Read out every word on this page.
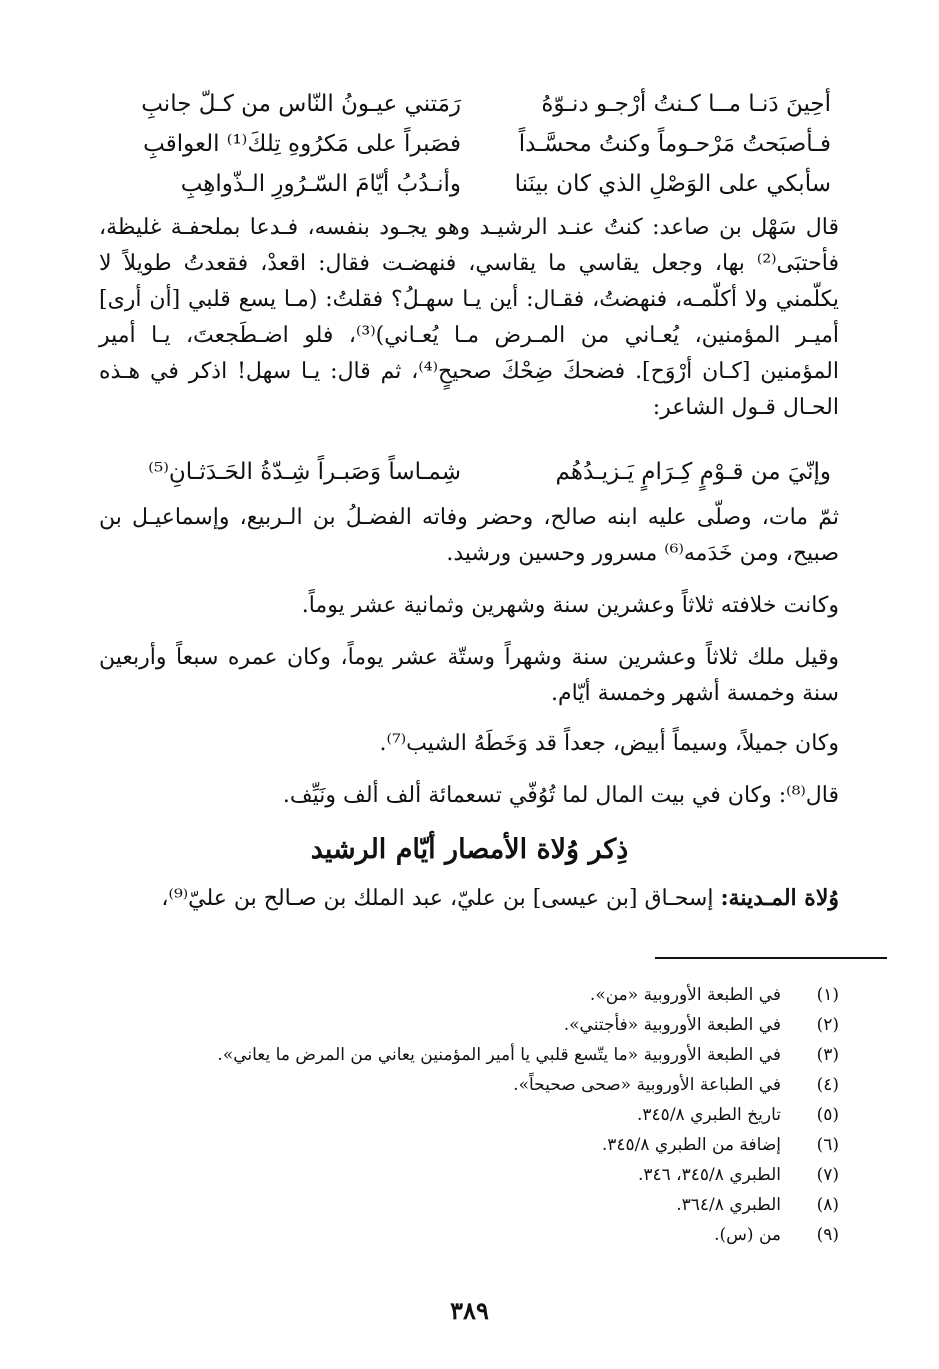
أحِينَ دَنـا مــا كـنتُ أرْجـو دنـوّهُ
رَمَتني عيـونُ النّاس من كـلّ جانبِ
فـأصبَحتُ مَرْحـوماً وكنتُ محسَّـداً
فصَبراً على مَكرُوهِ تِلكَ⁽¹⁾ العواقبِ
سأبكي على الوَصْلِ الذي كان بينَنا
وأنـدُبُ أيّامَ السّـرُورِ الـذّواهِبِ
قال سَهْل بن صاعد: كنتُ عنـد الرشيـد وهو يجـود بنفسه، فـدعا بملحفـة غليظة، فأحتبَى⁽²⁾ بها، وجعل يقاسي ما يقاسي، فنهضـت فقال: اقعدْ، فقعدتُ طويلاً لا يكلّمني ولا أكلّمـه، فنهضتُ، فقـال: أين يـا سهـلُ؟ فقلتُ: (مـا يسع قلبي [أن أرى] أميـر المؤمنين، يُعـاني من المـرض مـا يُعـاني)⁽³⁾، فلو اضـطَجعتَ، يـا أمير المؤمنين [كـان أرْوَح]. فضحكَ ضِحْكَ صحيحٍ⁽⁴⁾، ثم قال: يـا سهل! اذكر في هـذه الحـال قـول الشاعر:
وإنّيَ من قـوْمٍ كِـرَامٍ يَـزيـدُهُم
شِمـاساً وَصَبـراً شِـدّةُ الحَـدَثـانِ⁽⁵⁾
ثمّ مات، وصلّى عليه ابنه صالح، وحضر وفاته الفضـلُ بن الـربيع، وإسماعيـل بن صبيح، ومن خَدَمه⁽⁶⁾ مسرور وحسين ورشيد.
وكانت خلافته ثلاثاً وعشرين سنة وشهرين وثمانية عشر يوماً.
وقيل ملك ثلاثاً وعشرين سنة وشهراً وستّة عشر يوماً، وكان عمره سبعاً وأربعين سنة وخمسة أشهر وخمسة أيّام.
وكان جميلاً، وسيماً أبيض، جعداً قد وَخَطَهُ الشيب⁽⁷⁾.
قال⁽⁸⁾: وكان في بيت المال لما تُوُفّي تسعمائة ألف ألف ونَيِّف.
ذِكر وُلاة الأمصار أيّام الرشيد
وُلاة المـدينة: إسحـاق [بن عيسى] بن عليّ، عبد الملك بن صـالح بن عليّ⁽⁹⁾،
(١)في الطبعة الأوروبية «من».
(٢)في الطبعة الأوروبية «فأجتني».
(٣)في الطبعة الأوروبية «ما يتّسع قلبي يا أمير المؤمنين يعاني من المرض ما يعاني».
(٤)في الطباعة الأوروبية «صحى صحيحاً».
(٥)تاريخ الطبري ٣٤٥/٨.
(٦)إضافة من الطبري ٣٤٥/٨.
(٧)الطبري ٣٤٥/٨، ٣٤٦.
(٨)الطبري ٣٦٤/٨.
(٩)من (س).
٣٨٩
